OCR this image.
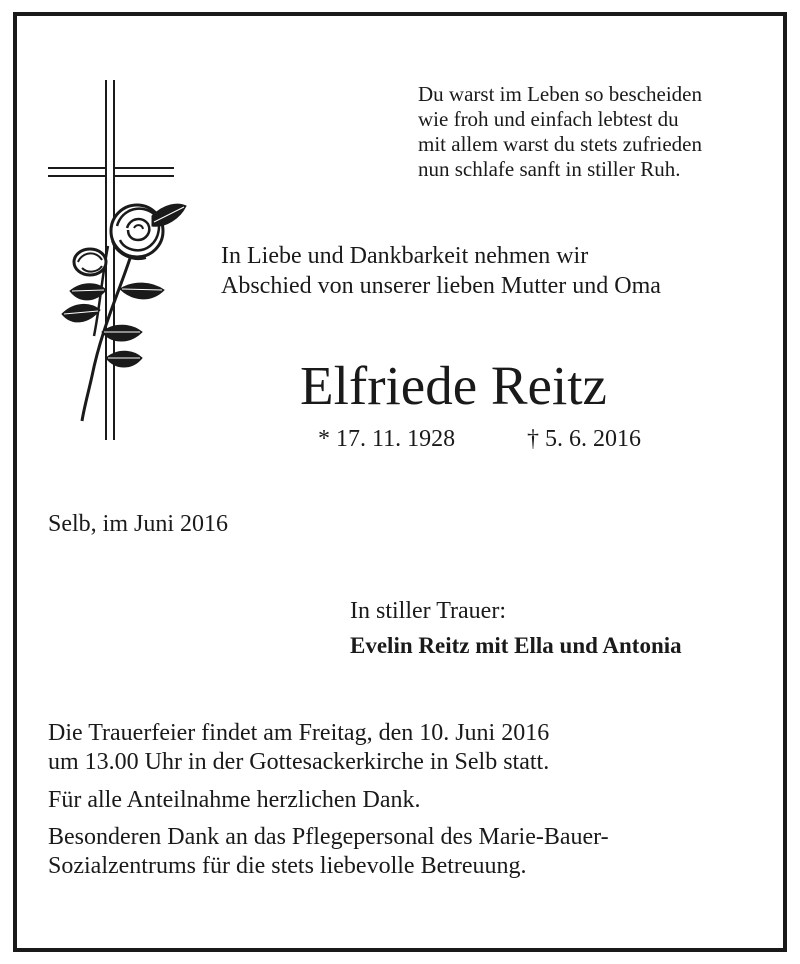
Du warst im Leben so bescheiden
wie froh und einfach lebtest du
mit allem warst du stets zufrieden
nun schlafe sanft in stiller Ruh.
In Liebe und Dankbarkeit nehmen wir
Abschied von unserer lieben Mutter und Oma
Elfriede Reitz
* 17. 11. 1928	† 5. 6. 2016
Selb, im Juni 2016
In stiller Trauer:
Evelin Reitz mit Ella und Antonia
Die Trauerfeier findet am Freitag, den 10. Juni 2016
um 13.00 Uhr in der Gottesackerkirche in Selb statt.
Für alle Anteilnahme herzlichen Dank.
Besonderen Dank an das Pflegepersonal des Marie-Bauer-
Sozialzentrums für die stets liebevolle Betreuung.
